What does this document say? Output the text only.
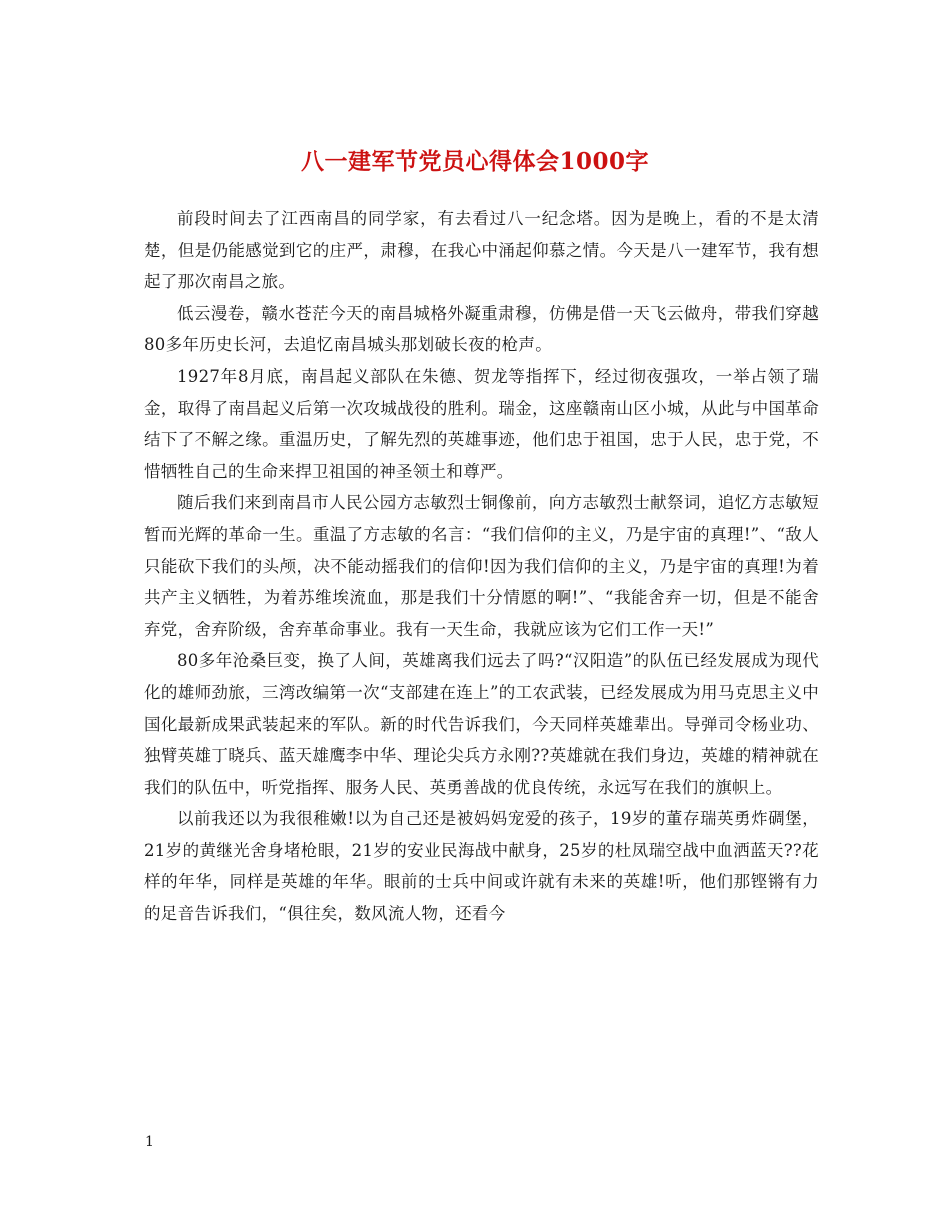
八一建军节党员心得体会1000字

前段时间去了江西南昌的同学家，有去看过八一纪念塔。因为是晚上，看的不是太清楚，但是仍能感觉到它的庄严，肃穆，在我心中涌起仰慕之情。今天是八一建军节，我有想起了那次南昌之旅。

低云漫卷，赣水苍茫今天的南昌城格外凝重肃穆，仿佛是借一天飞云做舟，带我们穿越80多年历史长河，去追忆南昌城头那划破长夜的枪声。

1927年8月底，南昌起义部队在朱德、贺龙等指挥下，经过彻夜强攻，一举占领了瑞金，取得了南昌起义后第一次攻城战役的胜利。瑞金，这座赣南山区小城，从此与中国革命结下了不解之缘。重温历史，了解先烈的英雄事迹，他们忠于祖国，忠于人民，忠于党，不惜牺牲自己的生命来捍卫祖国的神圣领土和尊严。

随后我们来到南昌市人民公园方志敏烈士铜像前，向方志敏烈士献祭词，追忆方志敏短暂而光辉的革命一生。重温了方志敏的名言：“我们信仰的主义，乃是宇宙的真理!”、“敌人只能砍下我们的头颅，决不能动摇我们的信仰!因为我们信仰的主义，乃是宇宙的真理!为着共产主义牺牲，为着苏维埃流血，那是我们十分情愿的啊!”、“我能舍弃一切，但是不能舍弃党，舍弃阶级，舍弃革命事业。我有一天生命，我就应该为它们工作一天!”

80多年沧桑巨变，换了人间，英雄离我们远去了吗?“汉阳造”的队伍已经发展成为现代化的雄师劲旅，三湾改编第一次“支部建在连上”的工农武装，已经发展成为用马克思主义中国化最新成果武装起来的军队。新的时代告诉我们，今天同样英雄辈出。导弹司令杨业功、独臂英雄丁晓兵、蓝天雄鹰李中华、理论尖兵方永刚??英雄就在我们身边，英雄的精神就在我们的队伍中，听党指挥、服务人民、英勇善战的优良传统，永远写在我们的旗帜上。

以前我还以为我很稚嫩!以为自己还是被妈妈宠爱的孩子，19岁的董存瑞英勇炸碉堡，21岁的黄继光舍身堵枪眼，21岁的安业民海战中献身，25岁的杜凤瑞空战中血洒蓝天??花样的年华，同样是英雄的年华。眼前的士兵中间或许就有未来的英雄!听，他们那铿锵有力的足音告诉我们，“俱往矣，数风流人物，还看今

1
